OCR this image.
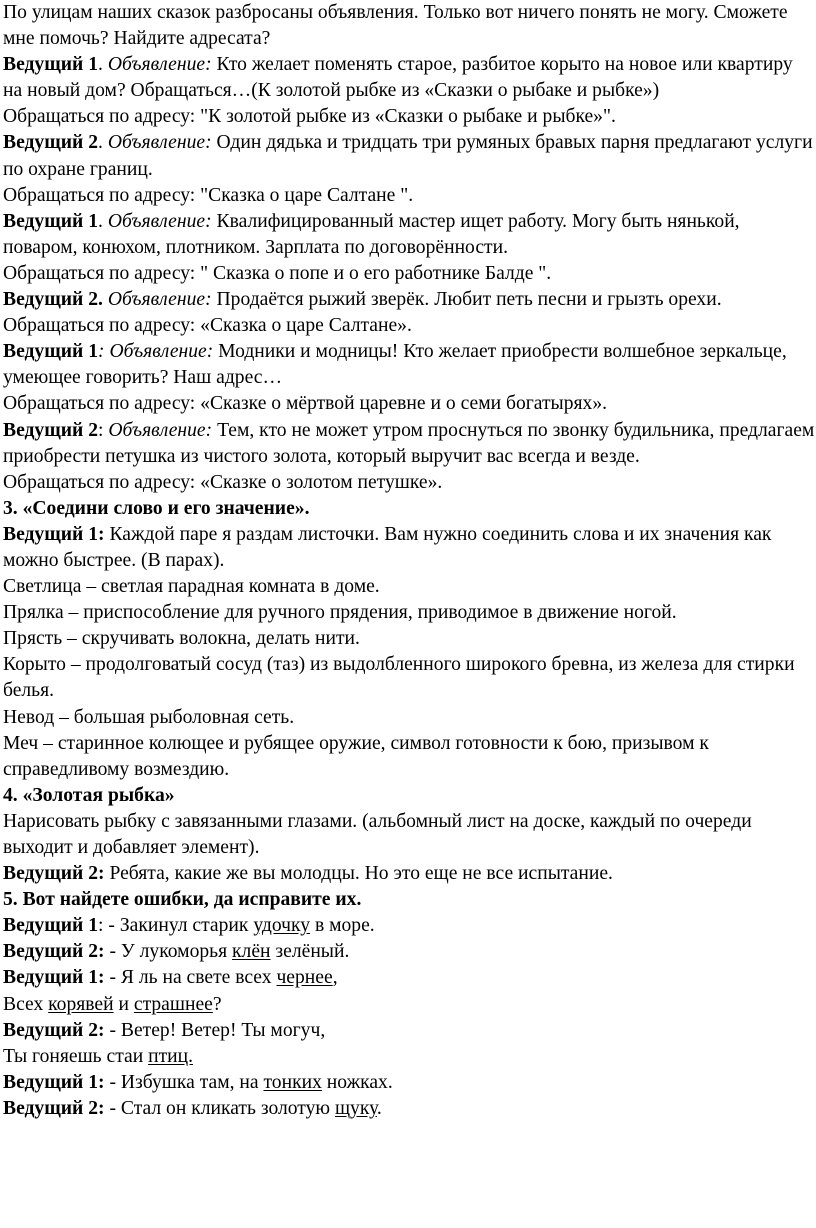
По улицам наших сказок разбросаны объявления. Только вот ничего понять не могу. Сможете мне помочь? Найдите адресата?

Ведущий 1. Объявление: Кто желает поменять старое, разбитое корыто на новое или квартиру на новый дом? Обращаться…(К золотой рыбке из «Сказки о рыбаке и рыбке»)

Обращаться по адресу: "К золотой рыбке из «Сказки о рыбаке и рыбке»".

Ведущий 2. Объявление: Один дядька и тридцать три румяных бравых парня предлагают услуги по охране границ.

Обращаться по адресу: "Сказка о царе Салтане ".

Ведущий 1. Объявление: Квалифицированный мастер ищет работу. Могу быть нянькой, поваром, конюхом, плотником. Зарплата по договорённости.

Обращаться по адресу: " Сказка о попе и о его работнике Балде ".

Ведущий 2. Объявление: Продаётся рыжий зверёк. Любит петь песни и грызть орехи.

Обращаться по адресу: «Сказка о царе Салтане».

Ведущий 1: Объявление: Модники и модницы! Кто желает приобрести волшебное зеркальце, умеющее говорить? Наш адрес…

Обращаться по адресу: «Сказке о мёртвой царевне и о семи богатырях».

Ведущий 2: Объявление: Тем, кто не может утром проснуться по звонку будильника, предлагаем приобрести петушка из чистого золота, который выручит вас всегда и везде.

Обращаться по адресу: «Сказке о золотом петушке».

3. «Соедини слово и его значение».

Ведущий 1: Каждой паре я раздам листочки. Вам нужно соединить слова и их значения как можно быстрее. (В парах).

Светлица – светлая парадная комната в доме.

Прялка – приспособление для ручного прядения, приводимое в движение ногой.

Прясть – скручивать волокна, делать нити.

Корыто – продолговатый сосуд (таз) из выдолбленного широкого бревна, из железа для стирки белья.

Невод – большая рыболовная сеть.

Меч – старинное колющее и рубящее оружие, символ готовности к бою, призывом к справедливому возмездию.

4. «Золотая рыбка»

Нарисовать рыбку с завязанными глазами. (альбомный лист на доске, каждый по очереди выходит и добавляет элемент).

Ведущий 2: Ребята, какие же вы молодцы. Но это еще не все испытание.

5. Вот найдете ошибки, да исправите их.

Ведущий 1: - Закинул старик удочку в море.

Ведущий 2: - У лукоморья клён зелёный.

Ведущий 1: - Я ль на свете всех чернее,

Всех корявей и страшнее?

Ведущий 2: - Ветер! Ветер! Ты могуч,

Ты гоняешь стаи птиц.

Ведущий 1: - Избушка там, на тонких ножках.

Ведущий 2: - Стал он кликать золотую щуку.
